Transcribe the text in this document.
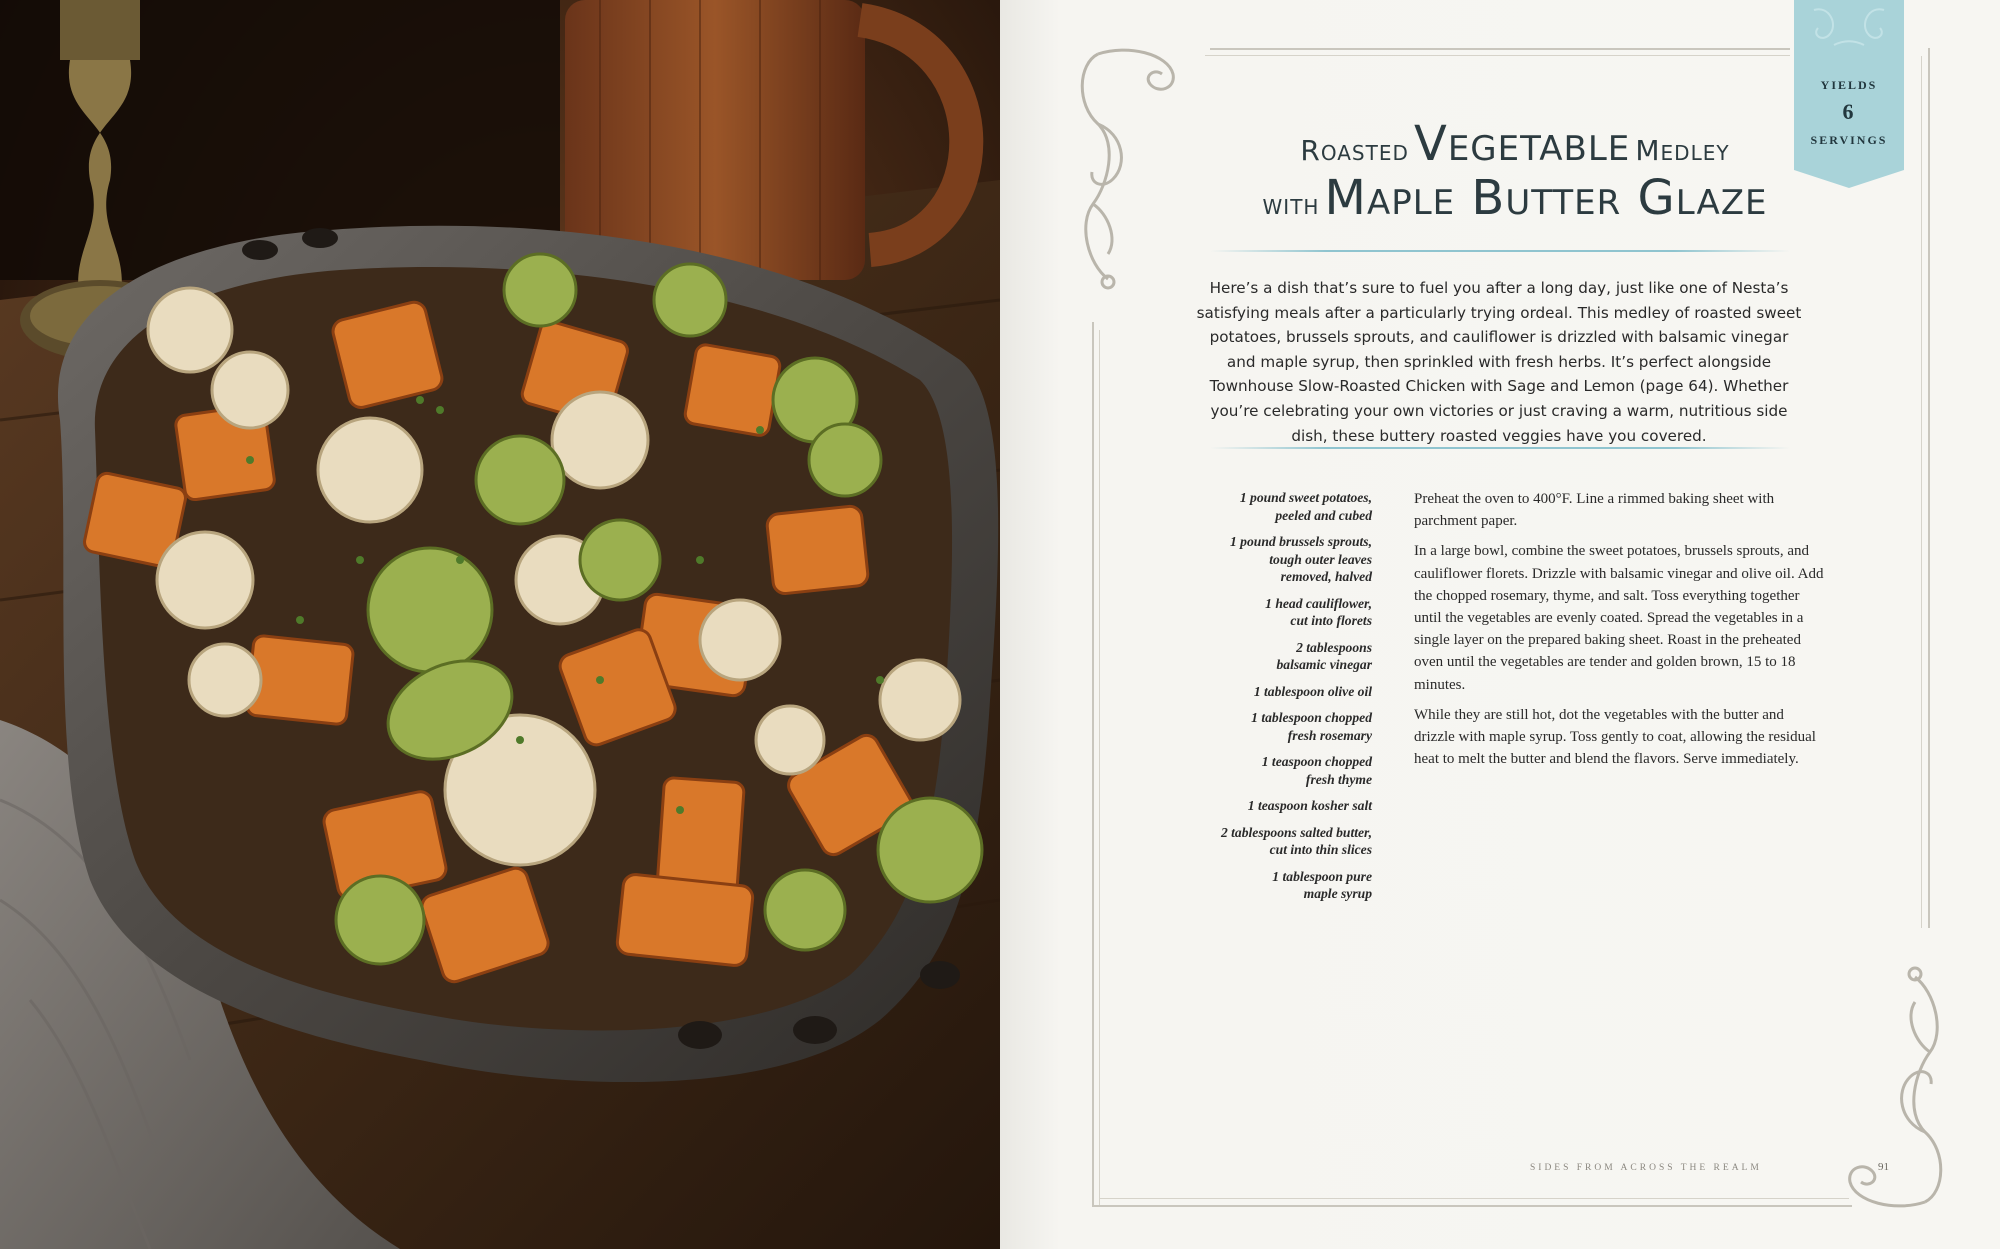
YIELDS
6
SERVINGS
Roasted Vegetable Medley
with Maple Butter Glaze
Here’s a dish that’s sure to fuel you after a long day, just like one of Nesta’s satisfying meals after a particularly trying ordeal. This medley of roasted sweet potatoes, brussels sprouts, and cauliflower is drizzled with balsamic vinegar and maple syrup, then sprinkled with fresh herbs. It’s perfect alongside Townhouse Slow-Roasted Chicken with Sage and Lemon (page 64). Whether you’re celebrating your own victories or just craving a warm, nutritious side dish, these buttery roasted veggies have you covered.
1 pound sweet potatoes,
peeled and cubed
1 pound brussels sprouts,
tough outer leaves
removed, halved
1 head cauliflower,
cut into florets
2 tablespoons
balsamic vinegar
1 tablespoon olive oil
1 tablespoon chopped
fresh rosemary
1 teaspoon chopped
fresh thyme
1 teaspoon kosher salt
2 tablespoons salted butter,
cut into thin slices
1 tablespoon pure
maple syrup

Preheat the oven to 400°F. Line a rimmed baking sheet with parchment paper.

In a large bowl, combine the sweet potatoes, brussels sprouts, and cauliflower florets. Drizzle with balsamic vinegar and olive oil. Add the chopped rosemary, thyme, and salt. Toss everything together until the vegetables are evenly coated. Spread the vegetables in a single layer on the prepared baking sheet. Roast in the preheated oven until the vegetables are tender and golden brown, 15 to 18 minutes.

While they are still hot, dot the vegetables with the butter and drizzle with maple syrup. Toss gently to coat, allowing the residual heat to melt the butter and blend the flavors. Serve immediately.

SIDES FROM ACROSS THE REALM	91
